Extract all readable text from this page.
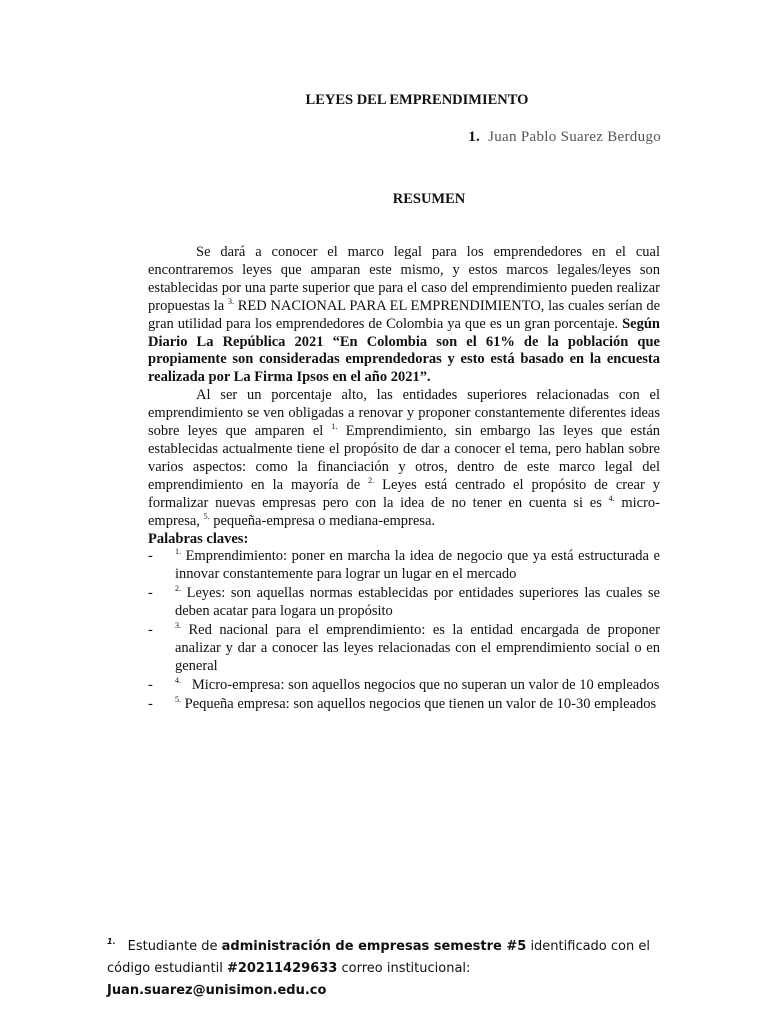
LEYES DEL EMPRENDIMIENTO
1. Juan Pablo Suarez Berdugo
RESUMEN

Se dará a conocer el marco legal para los emprendedores en el cual encontraremos leyes que amparan este mismo, y estos marcos legales/leyes son establecidas por una parte superior que para el caso del emprendimiento pueden realizar propuestas la $^{3.}$ RED NACIONAL PARA EL EMPRENDIMIENTO, las cuales serían de gran utilidad para los emprendedores de Colombia ya que es un gran porcentaje. Según Diario La República 2021 “En Colombia son el 61% de la población que propiamente son consideradas emprendedoras y esto está basado en la encuesta realizada por La Firma Ipsos en el año 2021”.

Al ser un porcentaje alto, las entidades superiores relacionadas con el emprendimiento se ven obligadas a renovar y proponer constantemente diferentes ideas sobre leyes que amparen el $^{1.}$ Emprendimiento, sin embargo las leyes que están establecidas actualmente tiene el propósito de dar a conocer el tema, pero hablan sobre varios aspectos: como la financiación y otros, dentro de este marco legal del emprendimiento en la mayoría de $^{2.}$ Leyes está centrado el propósito de crear y formalizar nuevas empresas pero con la idea de no tener en cuenta si es $^{4.}$ micro-empresa, $^{5.}$ pequeña-empresa o mediana-empresa.

Palabras claves:

-	$^{1.}$ Emprendimiento: poner en marcha la idea de negocio que ya está estructurada e innovar constantemente para lograr un lugar en el mercado
-	$^{2.}$ Leyes: son aquellas normas establecidas por entidades superiores las cuales se deben acatar para logara un propósito
-	$^{3.}$ Red nacional para el emprendimiento: es la entidad encargada de proponer analizar y dar a conocer las leyes relacionadas con el emprendimiento social o en general
-	$^{4.}$   Micro-empresa: son aquellos negocios que no superan un valor de 10 empleados
-	$^{5.}$ Pequeña empresa: son aquellos negocios que tienen un valor de 10-30 empleados
$^{1.}$ Estudiante de administración de empresas semestre #5 identificado con el código estudiantil #20211429633 correo institucional: Juan.suarez@unisimon.edu.co
